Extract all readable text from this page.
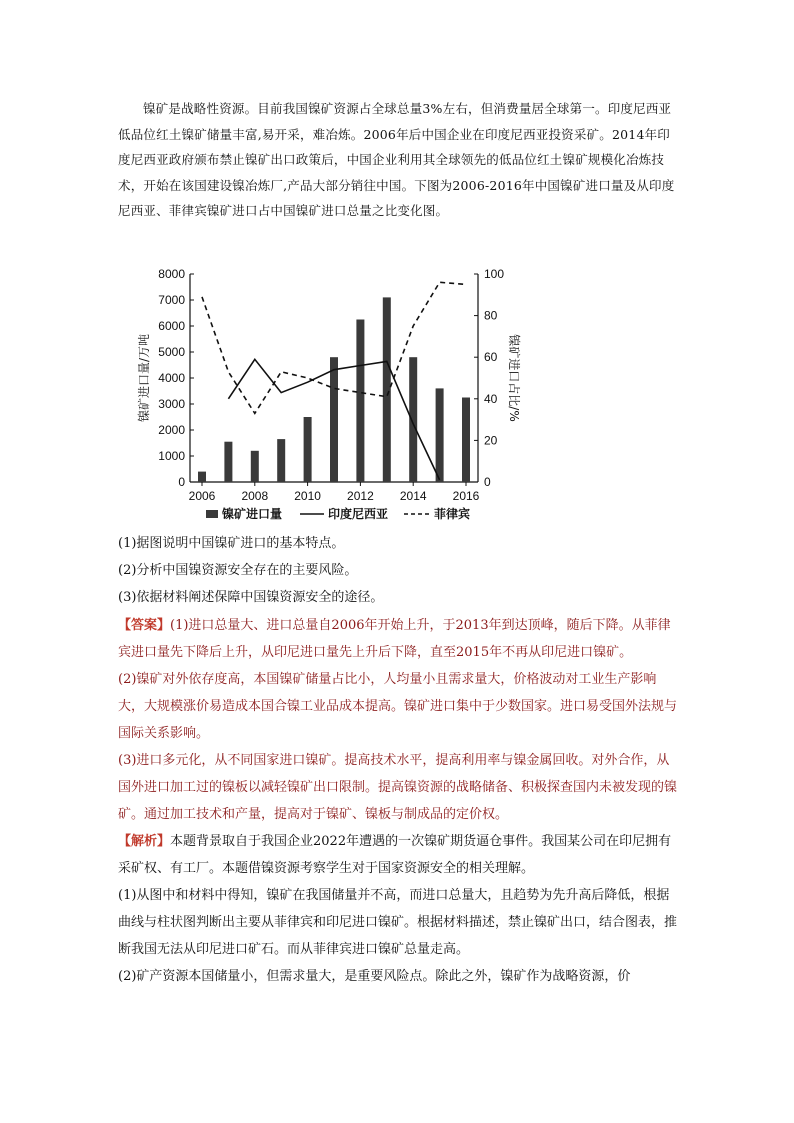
镍矿是战略性资源。目前我国镍矿资源占全球总量3%左右，但消费量居全球第一。印度尼西亚低品位红土镍矿储量丰富,易开采，难冶炼。2006年后中国企业在印度尼西亚投资采矿。2014年印度尼西亚政府颁布禁止镍矿出口政策后，中国企业利用其全球领先的低品位红土镍矿规模化冶炼技术，开始在该国建设镍冶炼厂,产品大部分销往中国。下图为2006-2016年中国镍矿进口量及从印度尼西亚、菲律宾镍矿进口占中国镍矿进口总量之比变化图。

0
1000
2000
3000
4000
5000
6000
7000
8000
0
20
40
60
80
100
2006 2008 2010 2012 2014 2016
镍矿进口量/万吨	镍矿进口占比/%
镍矿进口量	印度尼西亚	菲律宾

(1)据图说明中国镍矿进口的基本特点。

(2)分析中国镍资源安全存在的主要风险。

(3)依据材料阐述保障中国镍资源安全的途径。

【答案】(1)进口总量大、进口总量自2006年开始上升，于2013年到达顶峰，随后下降。从菲律宾进口量先下降后上升，从印尼进口量先上升后下降，直至2015年不再从印尼进口镍矿。

(2)镍矿对外依存度高，本国镍矿储量占比小，人均量小且需求量大，价格波动对工业生产影响大，大规模涨价易造成本国合镍工业品成本提高。镍矿进口集中于少数国家。进口易受国外法规与国际关系影响。

(3)进口多元化，从不同国家进口镍矿。提高技术水平，提高利用率与镍金属回收。对外合作，从国外进口加工过的镍板以减轻镍矿出口限制。提高镍资源的战略储备、积极探查国内未被发现的镍矿。通过加工技术和产量，提高对于镍矿、镍板与制成品的定价权。

【解析】本题背景取自于我国企业2022年遭遇的一次镍矿期货逼仓事件。我国某公司在印尼拥有采矿权、有工厂。本题借镍资源考察学生对于国家资源安全的相关理解。

(1)从图中和材料中得知，镍矿在我国储量并不高，而进口总量大，且趋势为先升高后降低，根据曲线与柱状图判断出主要从菲律宾和印尼进口镍矿。根据材料描述，禁止镍矿出口，结合图表，推断我国无法从印尼进口矿石。而从菲律宾进口镍矿总量走高。

(2)矿产资源本国储量小，但需求量大，是重要风险点。除此之外，镍矿作为战略资源，价
